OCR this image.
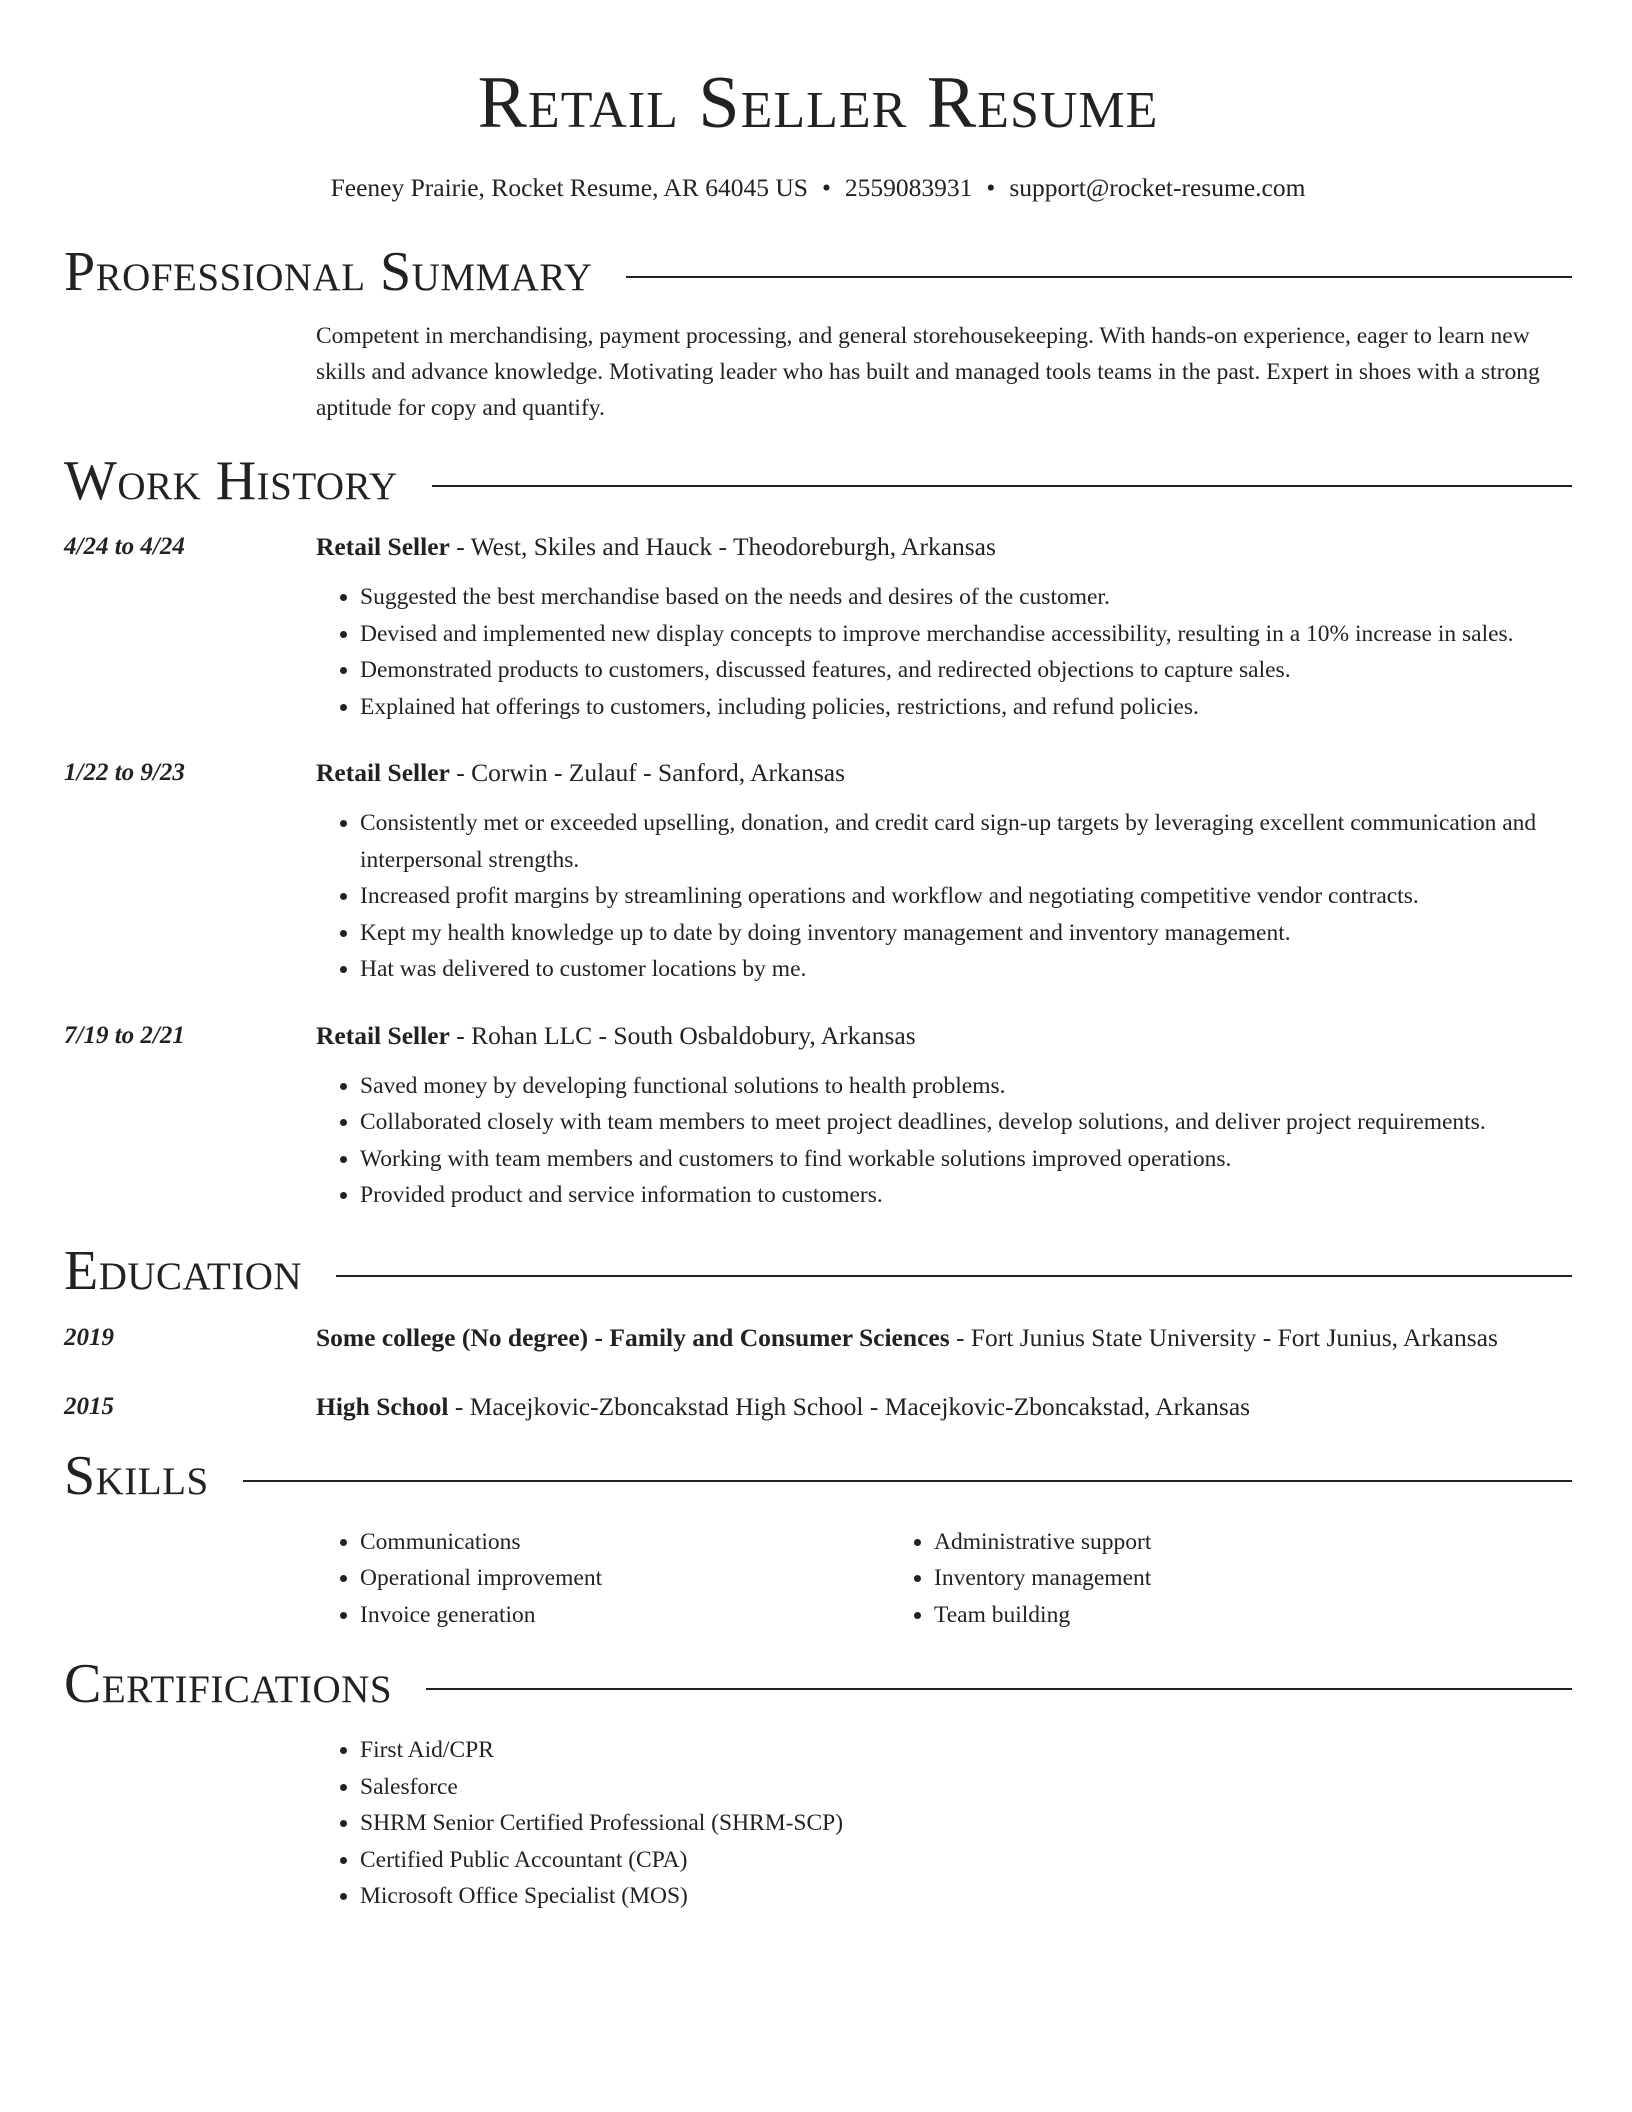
Retail Seller Resume
Feeney Prairie, Rocket Resume, AR 64045 US • 2559083931 • support@rocket-resume.com
Professional Summary
Competent in merchandising, payment processing, and general storehousekeeping. With hands-on experience, eager to learn new skills and advance knowledge. Motivating leader who has built and managed tools teams in the past. Expert in shoes with a strong aptitude for copy and quantify.
Work History
4/24 to 4/24	Retail Seller - West, Skiles and Hauck - Theodoreburgh, Arkansas
• Suggested the best merchandise based on the needs and desires of the customer.
• Devised and implemented new display concepts to improve merchandise accessibility, resulting in a 10% increase in sales.
• Demonstrated products to customers, discussed features, and redirected objections to capture sales.
• Explained hat offerings to customers, including policies, restrictions, and refund policies.
1/22 to 9/23	Retail Seller - Corwin - Zulauf - Sanford, Arkansas
• Consistently met or exceeded upselling, donation, and credit card sign-up targets by leveraging excellent communication and interpersonal strengths.
• Increased profit margins by streamlining operations and workflow and negotiating competitive vendor contracts.
• Kept my health knowledge up to date by doing inventory management and inventory management.
• Hat was delivered to customer locations by me.
7/19 to 2/21	Retail Seller - Rohan LLC - South Osbaldobury, Arkansas
• Saved money by developing functional solutions to health problems.
• Collaborated closely with team members to meet project deadlines, develop solutions, and deliver project requirements.
• Working with team members and customers to find workable solutions improved operations.
• Provided product and service information to customers.
Education
2019	Some college (No degree) - Family and Consumer Sciences - Fort Junius State University - Fort Junius, Arkansas
2015	High School - Macejkovic-Zboncakstad High School - Macejkovic-Zboncakstad, Arkansas
Skills
• Communications
• Operational improvement
• Invoice generation
• Administrative support
• Inventory management
• Team building
Certifications
• First Aid/CPR
• Salesforce
• SHRM Senior Certified Professional (SHRM-SCP)
• Certified Public Accountant (CPA)
• Microsoft Office Specialist (MOS)
